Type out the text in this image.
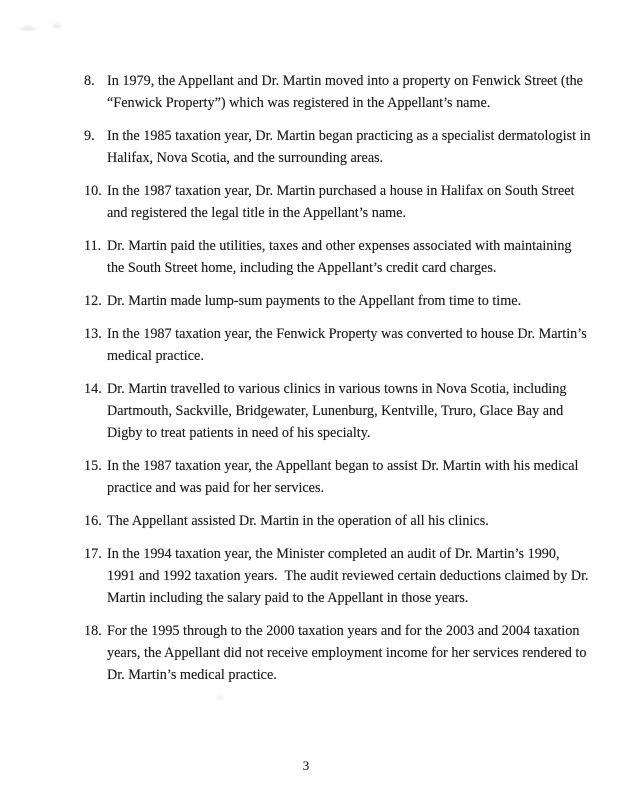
8. In 1979, the Appellant and Dr. Martin moved into a property on Fenwick Street (the
“Fenwick Property”) which was registered in the Appellant’s name.
9. In the 1985 taxation year, Dr. Martin began practicing as a specialist dermatologist in
Halifax, Nova Scotia, and the surrounding areas.
10. In the 1987 taxation year, Dr. Martin purchased a house in Halifax on South Street
and registered the legal title in the Appellant’s name.
11. Dr. Martin paid the utilities, taxes and other expenses associated with maintaining
the South Street home, including the Appellant’s credit card charges.
12. Dr. Martin made lump-sum payments to the Appellant from time to time.
13. In the 1987 taxation year, the Fenwick Property was converted to house Dr. Martin’s
medical practice.
14. Dr. Martin travelled to various clinics in various towns in Nova Scotia, including
Dartmouth, Sackville, Bridgewater, Lunenburg, Kentville, Truro, Glace Bay and
Digby to treat patients in need of his specialty.
15. In the 1987 taxation year, the Appellant began to assist Dr. Martin with his medical
practice and was paid for her services.
16. The Appellant assisted Dr. Martin in the operation of all his clinics.
17. In the 1994 taxation year, the Minister completed an audit of Dr. Martin’s 1990,
1991 and 1992 taxation years.  The audit reviewed certain deductions claimed by Dr.
Martin including the salary paid to the Appellant in those years.
18. For the 1995 through to the 2000 taxation years and for the 2003 and 2004 taxation
years, the Appellant did not receive employment income for her services rendered to
Dr. Martin’s medical practice.
3
